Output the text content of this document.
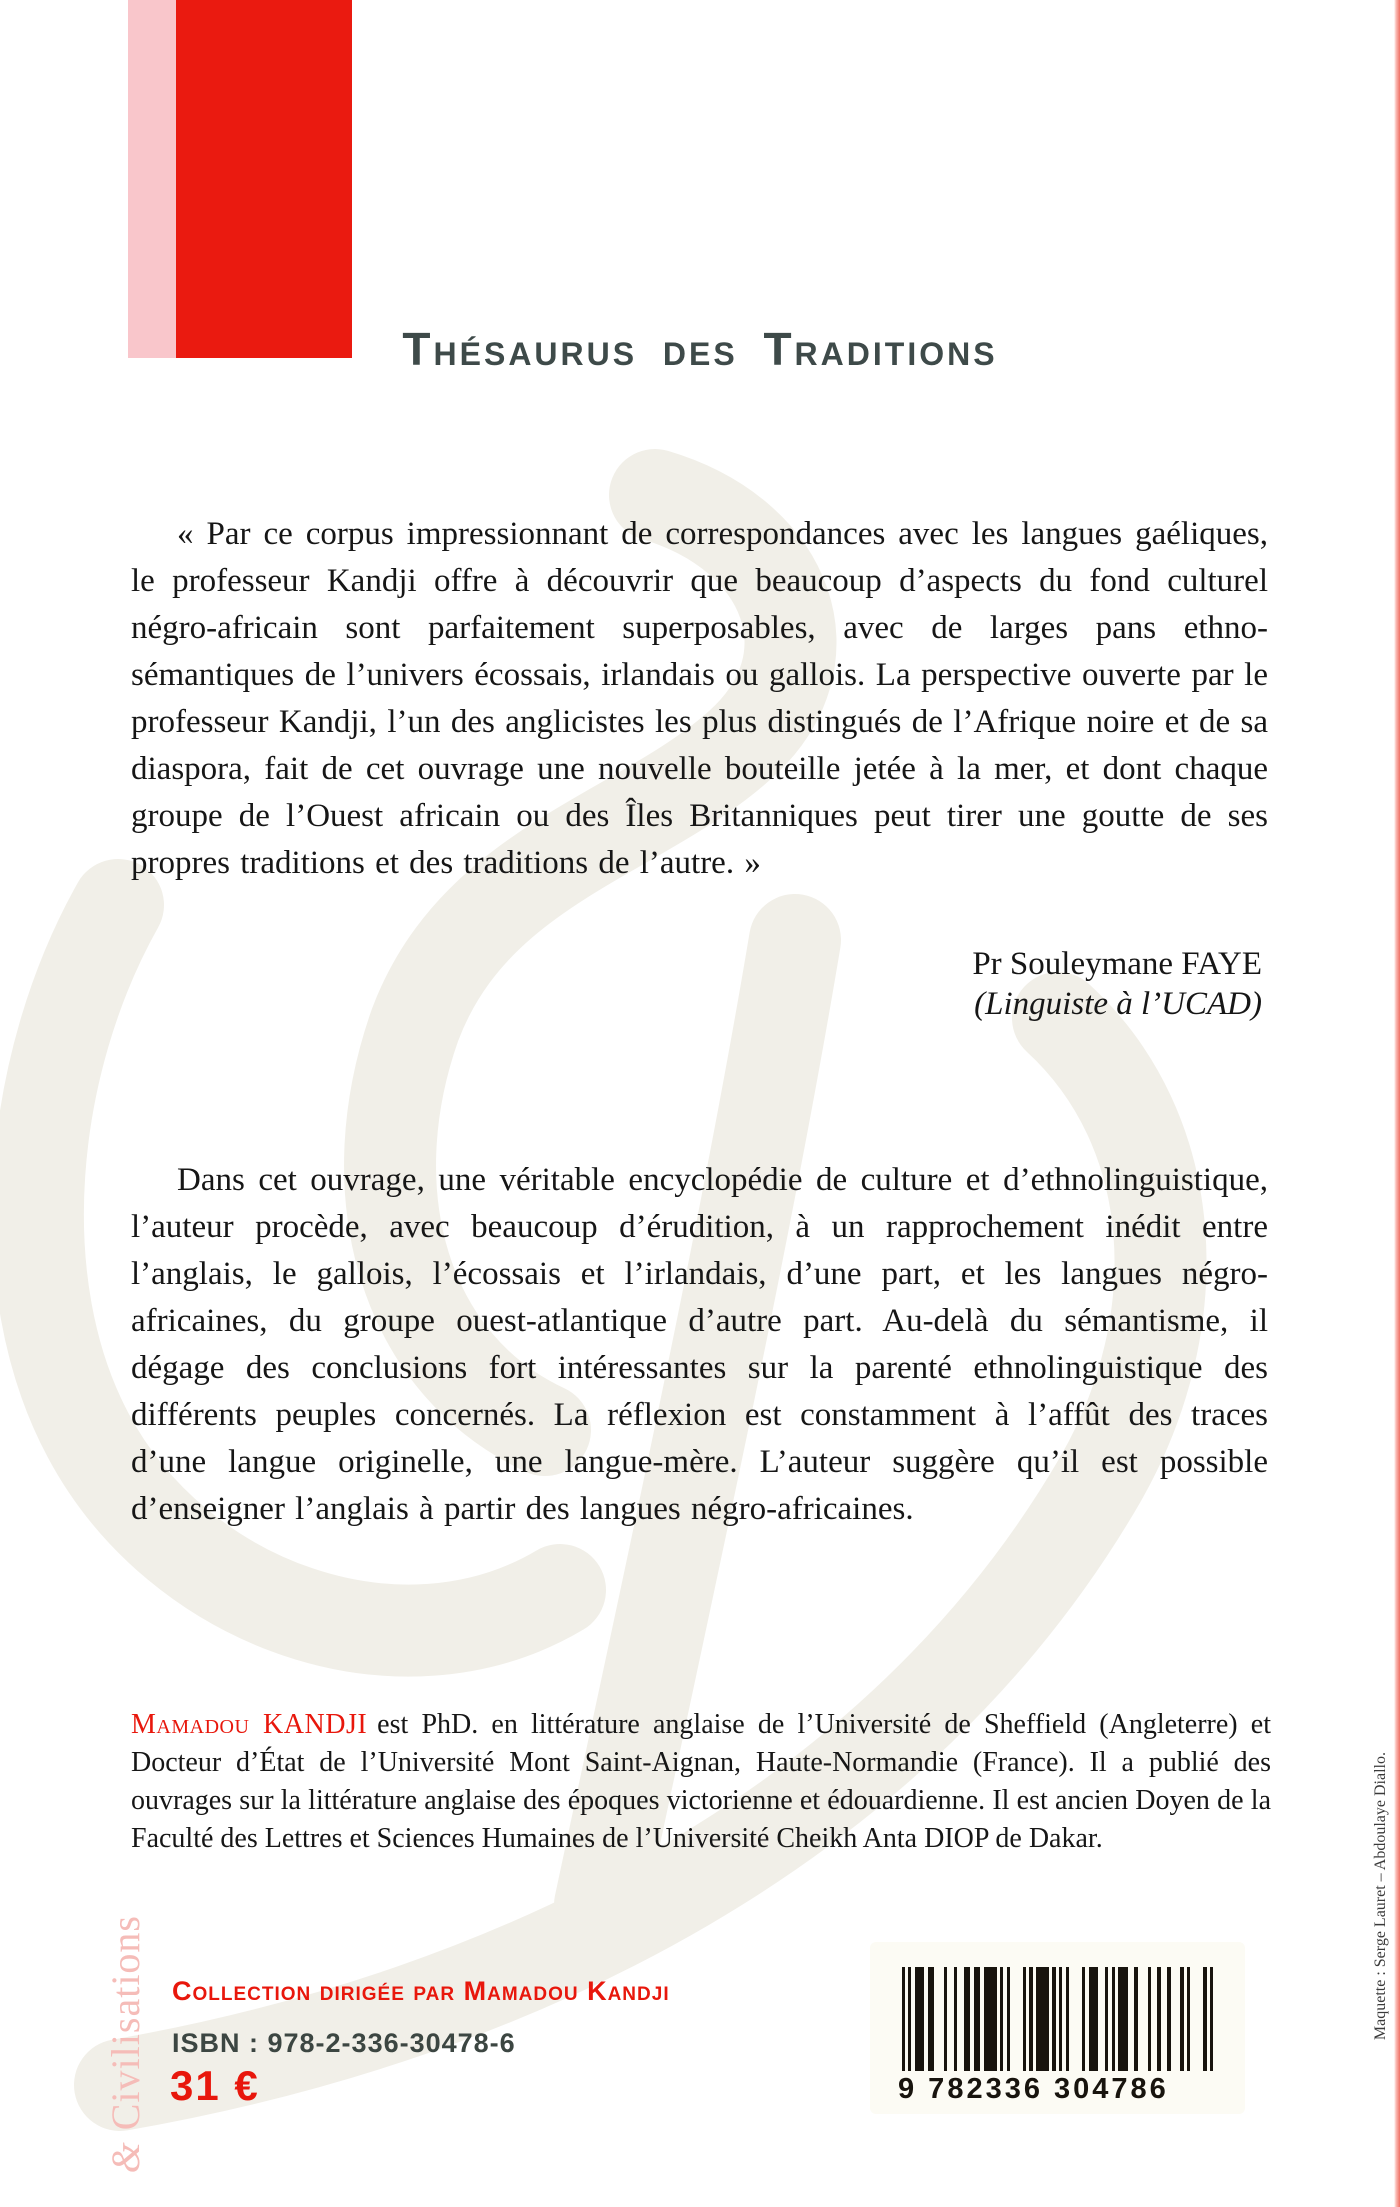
Littératures & Civilisations
Thésaurus des Traditions

« Par ce corpus impressionnant de correspondances avec les langues gaéliques, le professeur Kandji offre à découvrir que beaucoup d’aspects du fond culturel négro-africain sont parfaitement superposables, avec de larges pans ethno-sémantiques de l’univers écossais, irlandais ou gallois. La perspective ouverte par le professeur Kandji, l’un des anglicistes les plus distingués de l’Afrique noire et de sa diaspora, fait de cet ouvrage une nouvelle bouteille jetée à la mer, et dont chaque groupe de l’Ouest africain ou des Îles Britanniques peut tirer une goutte de ses propres traditions et des traditions de l’autre. »

Pr Souleymane FAYE
(Linguiste à l’UCAD)

Dans cet ouvrage, une véritable encyclopédie de culture et d’ethnolinguistique, l’auteur procède, avec beaucoup d’érudition, à un rapprochement inédit entre l’anglais, le gallois, l’écossais et l’irlandais, d’une part, et les langues négro-africaines, du groupe ouest-atlantique d’autre part. Au-delà du sémantisme, il dégage des conclusions fort intéressantes sur la parenté ethnolinguistique des différents peuples concernés. La réflexion est constamment à l’affût des traces d’une langue originelle, une langue-mère. L’auteur suggère qu’il est possible d’enseigner l’anglais à partir des langues négro-africaines.

Mamadou KANDJI est PhD. en littérature anglaise de l’Université de Sheffield (Angleterre) et Docteur d’État de l’Université Mont Saint-Aignan, Haute-Normandie (France). Il a publié des ouvrages sur la littérature anglaise des époques victorienne et édouardienne. Il est ancien Doyen de la Faculté des Lettres et Sciences Humaines de l’Université Cheikh Anta DIOP de Dakar.

Collection dirigée par Mamadou Kandji
ISBN : 978-2-336-30478-6
31 €	9 782336 304786
Maquette : Serge Lauret – Abdoulaye Diallo.
